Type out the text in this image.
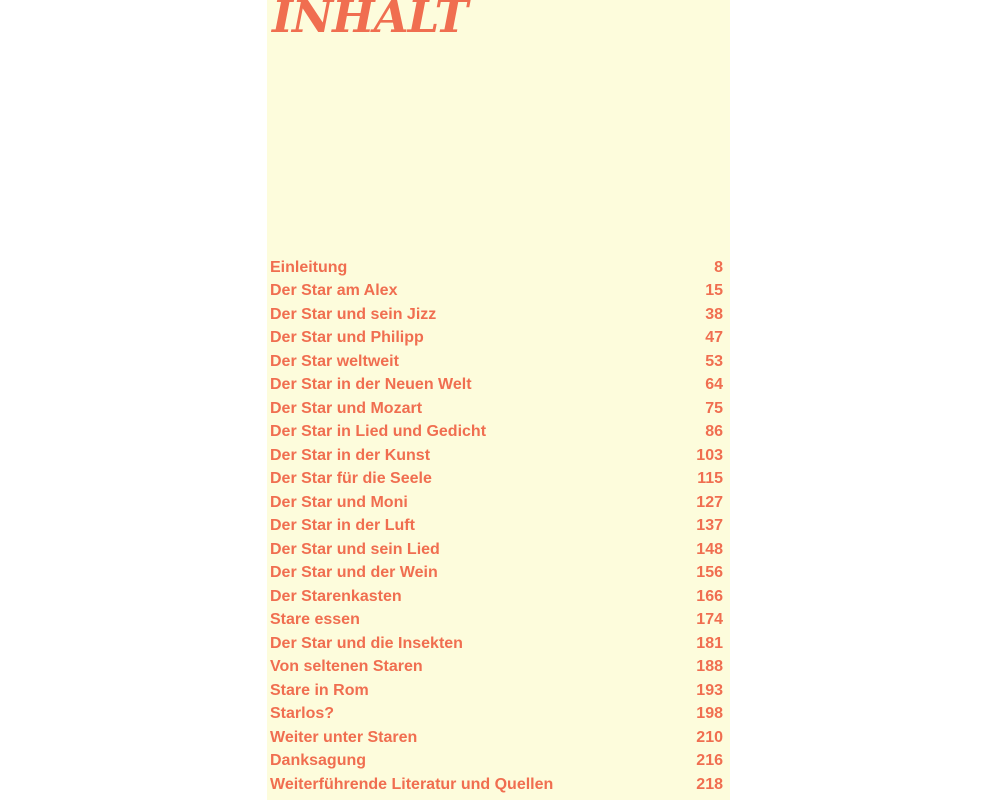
INHALT
Einleitung	8
Der Star am Alex	15
Der Star und sein Jizz	38
Der Star und Philipp	47
Der Star weltweit	53
Der Star in der Neuen Welt	64
Der Star und Mozart	75
Der Star in Lied und Gedicht	86
Der Star in der Kunst	103
Der Star für die Seele	115
Der Star und Moni	127
Der Star in der Luft	137
Der Star und sein Lied	148
Der Star und der Wein	156
Der Starenkasten	166
Stare essen	174
Der Star und die Insekten	181
Von seltenen Staren	188
Stare in Rom	193
Starlos?	198
Weiter unter Staren	210
Danksagung	216
Weiterführende Literatur und Quellen	218
